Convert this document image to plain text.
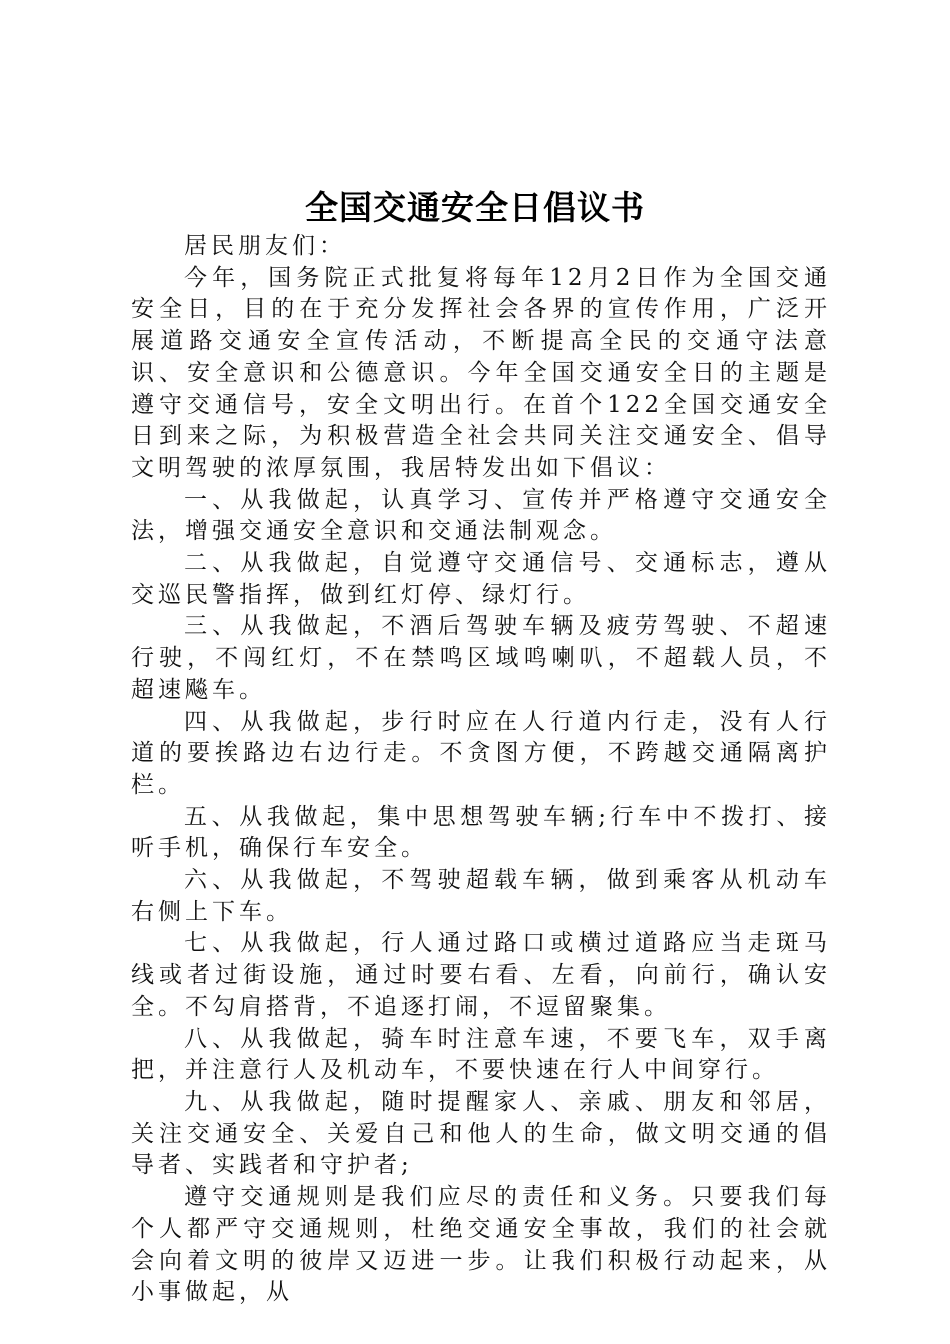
全国交通安全日倡议书

居民朋友们：

今年，国务院正式批复将每年12月2日作为全国交通安全日，目的在于充分发挥社会各界的宣传作用，广泛开展道路交通安全宣传活动，不断提高全民的交通守法意识、安全意识和公德意识。今年全国交通安全日的主题是遵守交通信号，安全文明出行。在首个122全国交通安全日到来之际，为积极营造全社会共同关注交通安全、倡导文明驾驶的浓厚氛围，我居特发出如下倡议：

一、从我做起，认真学习、宣传并严格遵守交通安全法，增强交通安全意识和交通法制观念。

二、从我做起，自觉遵守交通信号、交通标志，遵从交巡民警指挥，做到红灯停、绿灯行。

三、从我做起，不酒后驾驶车辆及疲劳驾驶、不超速行驶，不闯红灯，不在禁鸣区域鸣喇叭，不超载人员，不超速飚车。

四、从我做起，步行时应在人行道内行走，没有人行道的要挨路边右边行走。不贪图方便，不跨越交通隔离护栏。

五、从我做起，集中思想驾驶车辆;行车中不拨打、接听手机，确保行车安全。

六、从我做起，不驾驶超载车辆，做到乘客从机动车右侧上下车。

七、从我做起，行人通过路口或横过道路应当走斑马线或者过街设施，通过时要右看、左看，向前行，确认安全。不勾肩搭背，不追逐打闹，不逗留聚集。

八、从我做起，骑车时注意车速，不要飞车，双手离把，并注意行人及机动车，不要快速在行人中间穿行。

九、从我做起，随时提醒家人、亲戚、朋友和邻居，关注交通安全、关爱自己和他人的生命，做文明交通的倡导者、实践者和守护者;

遵守交通规则是我们应尽的责任和义务。只要我们每个人都严守交通规则，杜绝交通安全事故，我们的社会就会向着文明的彼岸又迈进一步。让我们积极行动起来，从小事做起，从
